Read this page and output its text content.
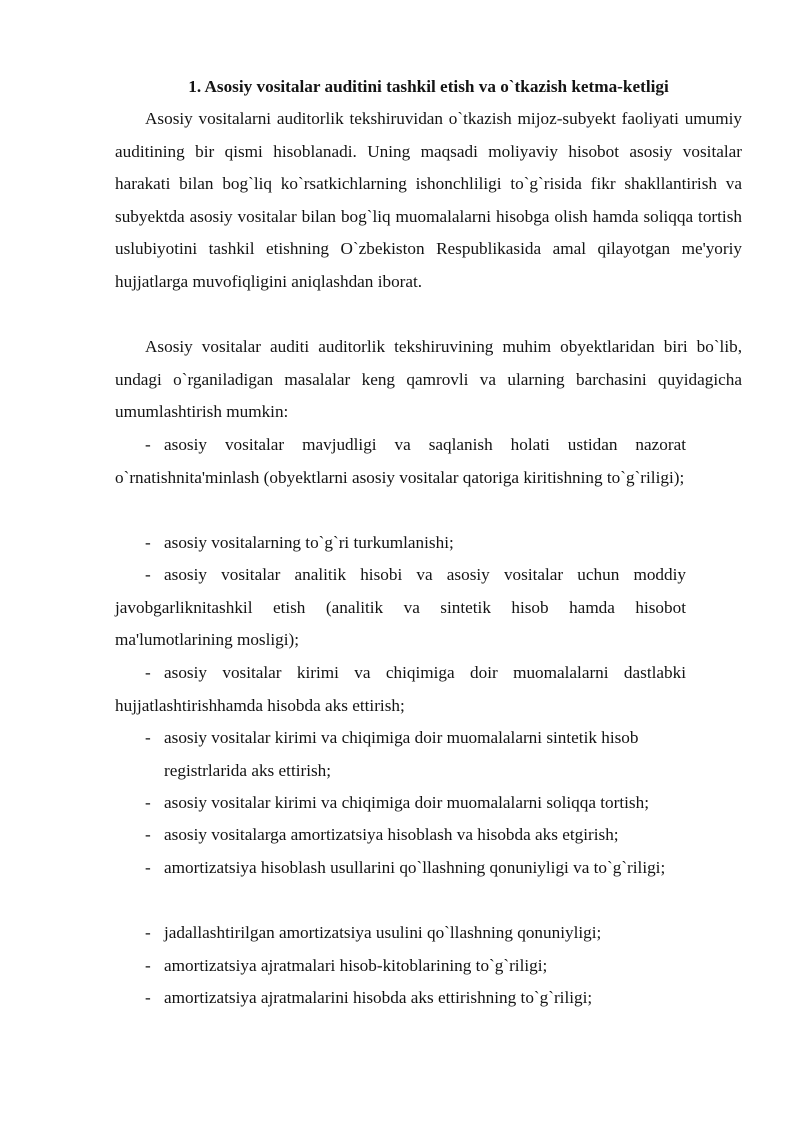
1. Asosiy vositalar auditini tashkil etish va o`tkazish ketma-ketligi

Asosiy vositalarni auditorlik tekshiruvidan o`tkazish mijoz-subyekt faoliyati umumiy auditining bir qismi hisoblanadi. Uning maqsadi moliyaviy hisobot asosiy vositalar harakati bilan bog`liq ko`rsatkichlarning ishonchliligi to`g`risida fikr shakllantirish va subyektda asosiy vositalar bilan bog`liq muomalalarni hisobga olish hamda soliqqa tortish uslubiyotini tashkil etishning O`zbekiston Respublikasida amal qilayotgan me'yoriy hujjatlarga muvofiqligini aniqlashdan iborat.

Asosiy vositalar auditi auditorlik tekshiruvining muhim obyektlaridan biri bo`lib, undagi o`rganiladigan masalalar keng qamrovli va ularning barchasini quyidagicha umumlashtirish mumkin:

- asosiy vositalar mavjudligi va saqlanish holati ustidan nazorat o`rnatishnita'minlash (obyektlarni asosiy vositalar qatoriga kiritishning to`g`riligi);

- asosiy vositalarning to`g`ri turkumlanishi;

- asosiy vositalar analitik hisobi va asosiy vositalar uchun moddiy javobgarliknitashkil etish (analitik va sintetik hisob hamda hisobot ma'lumotlarining mosligi);

- asosiy vositalar kirimi va chiqimiga doir muomalalarni dastlabki hujjatlashtirishhamda hisobda aks ettirish;

- asosiy vositalar kirimi va chiqimiga doir muomalalarni sintetik hisob
registrlarida aks ettirish;

- asosiy vositalar kirimi va chiqimiga doir muomalalarni soliqqa tortish;

- asosiy vositalarga amortizatsiya hisoblash va hisobda aks etgirish;

- amortizatsiya hisoblash usullarini qo`llashning qonuniyligi va to`g`riligi;

- jadallashtirilgan amortizatsiya usulini qo`llashning qonuniyligi;

- amortizatsiya ajratmalari hisob-kitoblarining to`g`riligi;

- amortizatsiya ajratmalarini hisobda aks ettirishning to`g`riligi;
